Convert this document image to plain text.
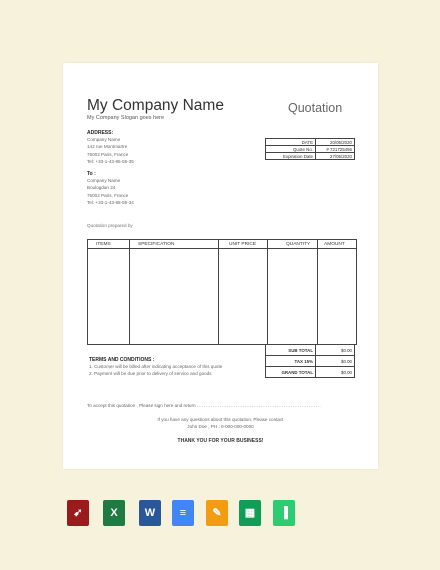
My Company Name
My Company Slogan goes here
Quotation
ADDRESS:
Company Name
142 rue Montmartre
75002 Paris, France
Tel: +33-1-43-95-55-35
DATE	20/05/2020
Quote No.	# 721725456
Expiration Date	27/05/2020
To :
Company Name
Boulogdan 24
75002 Paris, France
Tel: +33-1-43-58-55-34
Quotation prepared by
ITEMS	SPECIFICATION	UNIT PRICE	QUANTITY	AMOUNT
SUB TOTAL	$0.00
TAX 15%	$0.00
GRAND TOTAL	$0.00
TERMS AND CONDITIONS :
1. Customer will be billed after indicating acceptance of this quote
2. Payment will be due prior to delivery of service and goods
To accept this quotation , Please sign here and return ......................................................................
If you have any questions about this quotation, Please contact
John Doe , PH : 0-000-000-0000
THANK YOU FOR YOUR BUSINESS!
➹	X	W	≡	✎	▦	▐
